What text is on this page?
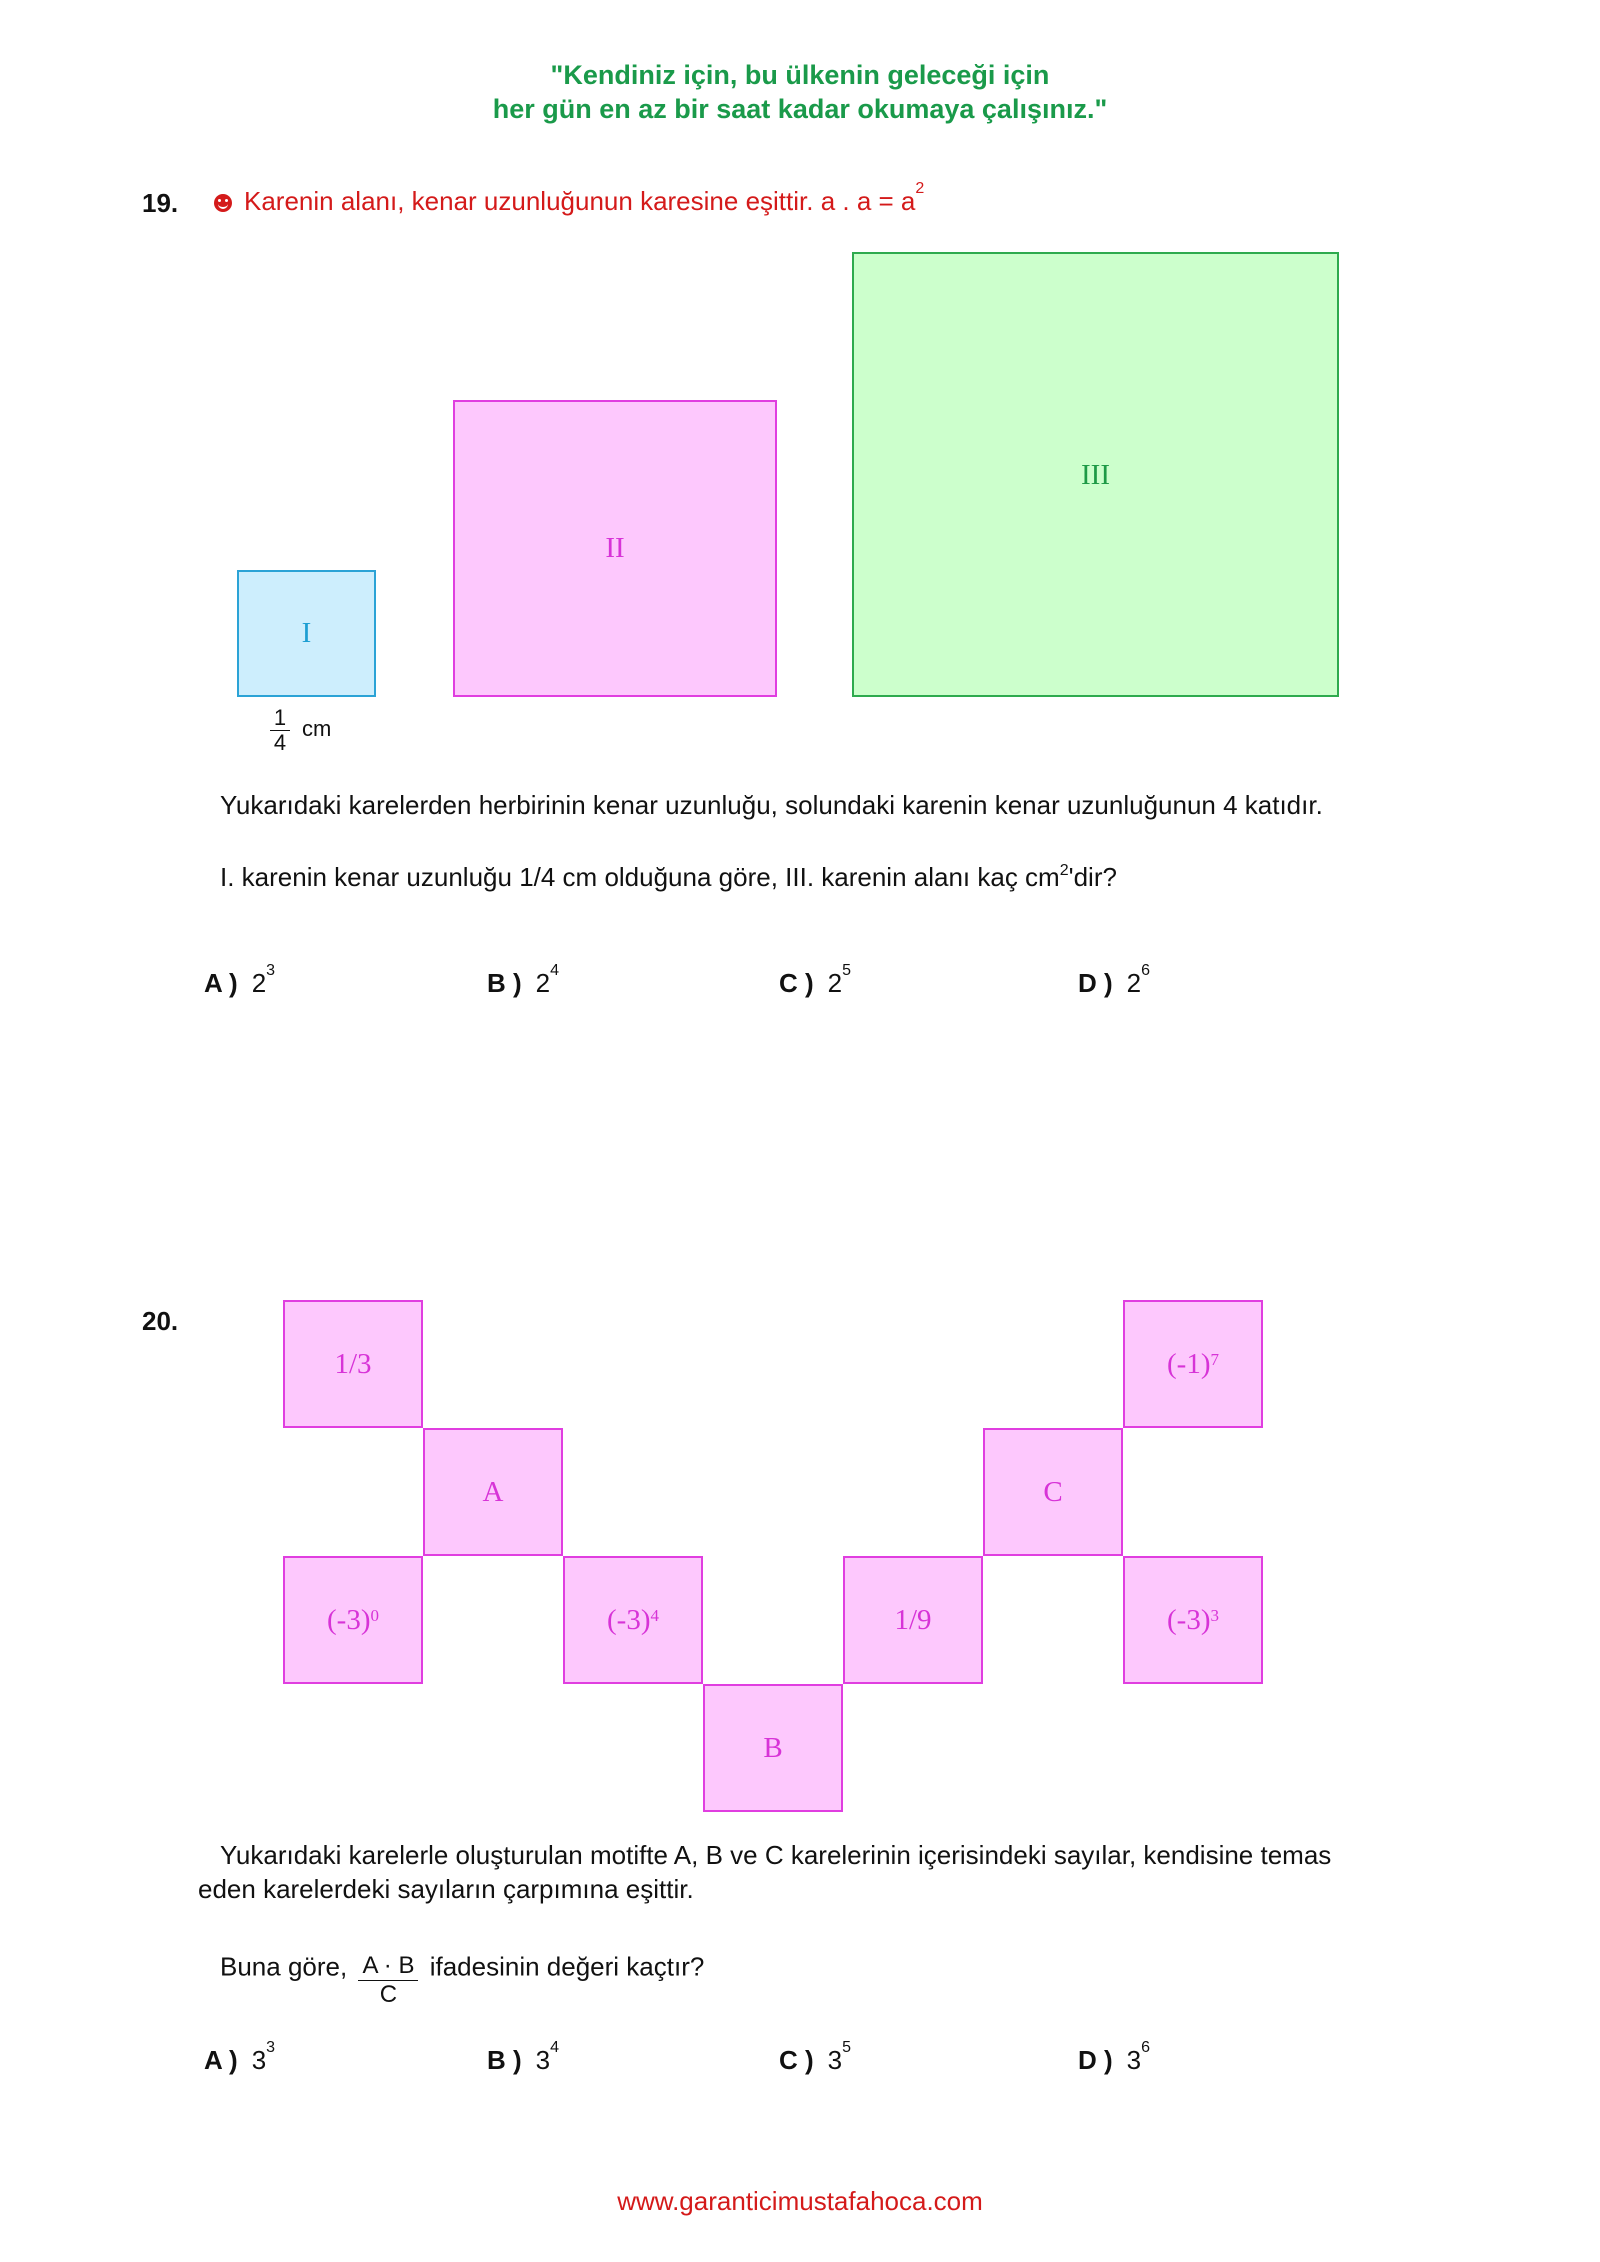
"Kendiniz için, bu ülkenin geleceği için
her gün en az bir saat kadar okumaya çalışınız."
19.	Karenin alanı, kenar uzunluğunun karesine eşittir. a . $a = a^2$
I
II
III
$\frac{1}{4}$ cm
Yukarıdaki karelerden herbirinin kenar uzunluğu, solundaki karenin kenar uzunluğunun 4 katıdır.
I. karenin kenar uzunluğu 1/4 cm olduğuna göre, III. karenin alanı kaç $cm^2'dir$?
A ) $2^3$	B ) $2^4$	C ) $2^5$	D ) $2^6$
20.
1/3
A
$(-3)^0$	$(-3)^4$
B
1/9
C
$(-1)^7$
$(-3)^3$
Yukarıdaki karelerle oluşturulan motifte A, B ve C karelerinin içerisindeki sayılar, kendisine temas
eden karelerdeki sayıların çarpımına eşittir.
Buna göre, $\frac{A \cdot B}{C}$ ifadesinin değeri kaçtır?
A ) $3^3$	B ) $3^4$	C ) $3^5$	D ) $3^6$
www.garanticimustafahoca.com
